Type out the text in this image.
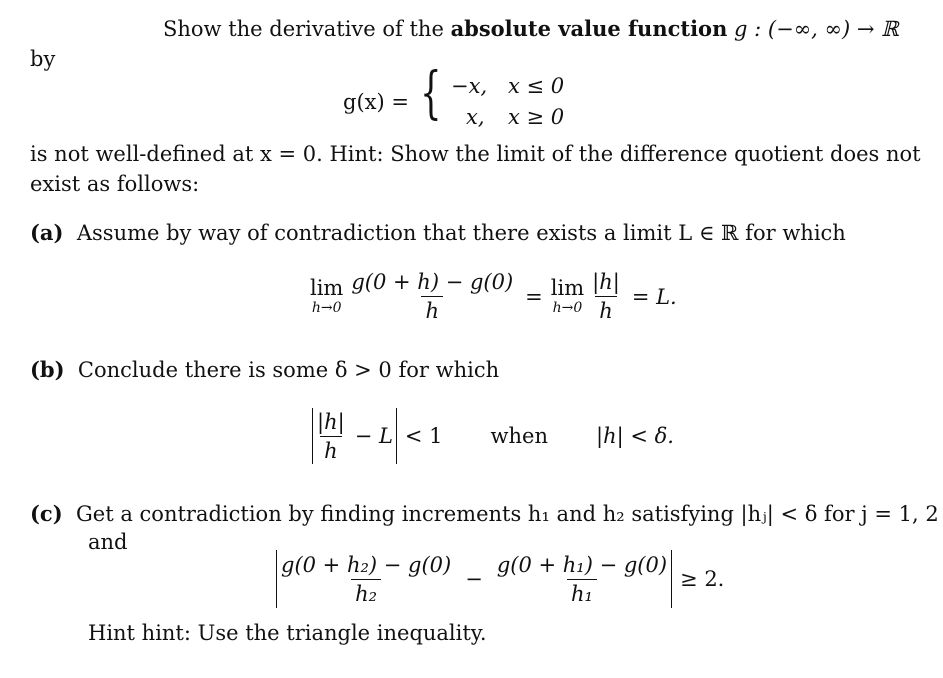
Show the derivative of the absolute value function g : (−∞, ∞) → ℝ
by
g(x) = { −x, x ≤ 0
x, x ≥ 0
is not well-defined at x = 0. Hint: Show the limit of the difference quotient does not
exist as follows:
(a) Assume by way of contradiction that there exists a limit L ∈ ℝ for which
lim
$h\to 0 \frac{g(0 + h) - g(0)}{h} = \lim$
$h\to 0 \frac{|h|}{h} = L$.
(b) Conclude there is some δ > 0 for which
$\frac{|h|}{h} - L < 1$ when |h| < δ.
(c) Get a contradiction by finding increments h₁ and h₂ satisfying |hⱼ| < δ for j = 1, 2
and
$\frac{\text{g(0 + h₂) − g(0)}}{\text{h₂}} - \frac{\text{g(0 + h₁) − g(0)}}{\text{h₁}} \ge 2$.
Hint hint: Use the triangle inequality.
